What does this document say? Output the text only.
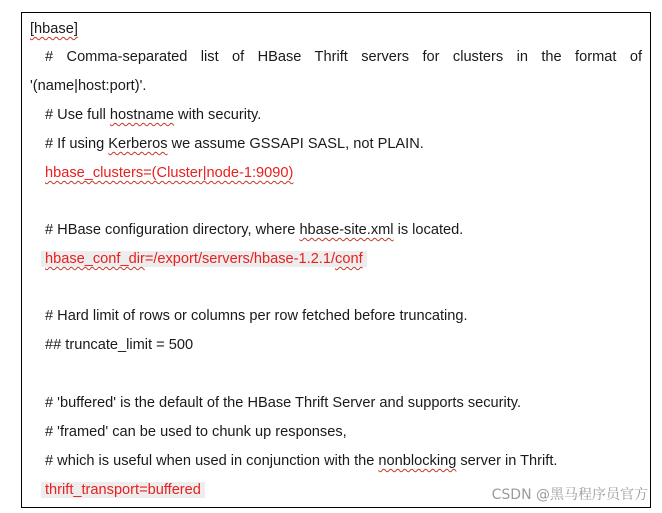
[hbase]
# Comma-separated list of HBase Thrift servers for clusters in the format of
'(name|host:port)'.
# Use full hostname with security.
# If using Kerberos we assume GSSAPI SASL, not PLAIN.
hbase_clusters=(Cluster|node-1:9090)
# HBase configuration directory, where hbase-site.xml is located.
hbase_conf_dir=/export/servers/hbase-1.2.1/conf
# Hard limit of rows or columns per row fetched before truncating.
## truncate_limit = 500
# 'buffered' is the default of the HBase Thrift Server and supports security.
# 'framed' can be used to chunk up responses,
# which is useful when used in conjunction with the nonblocking server in Thrift.
thrift_transport=buffered	CSDN @黑马程序员官方
